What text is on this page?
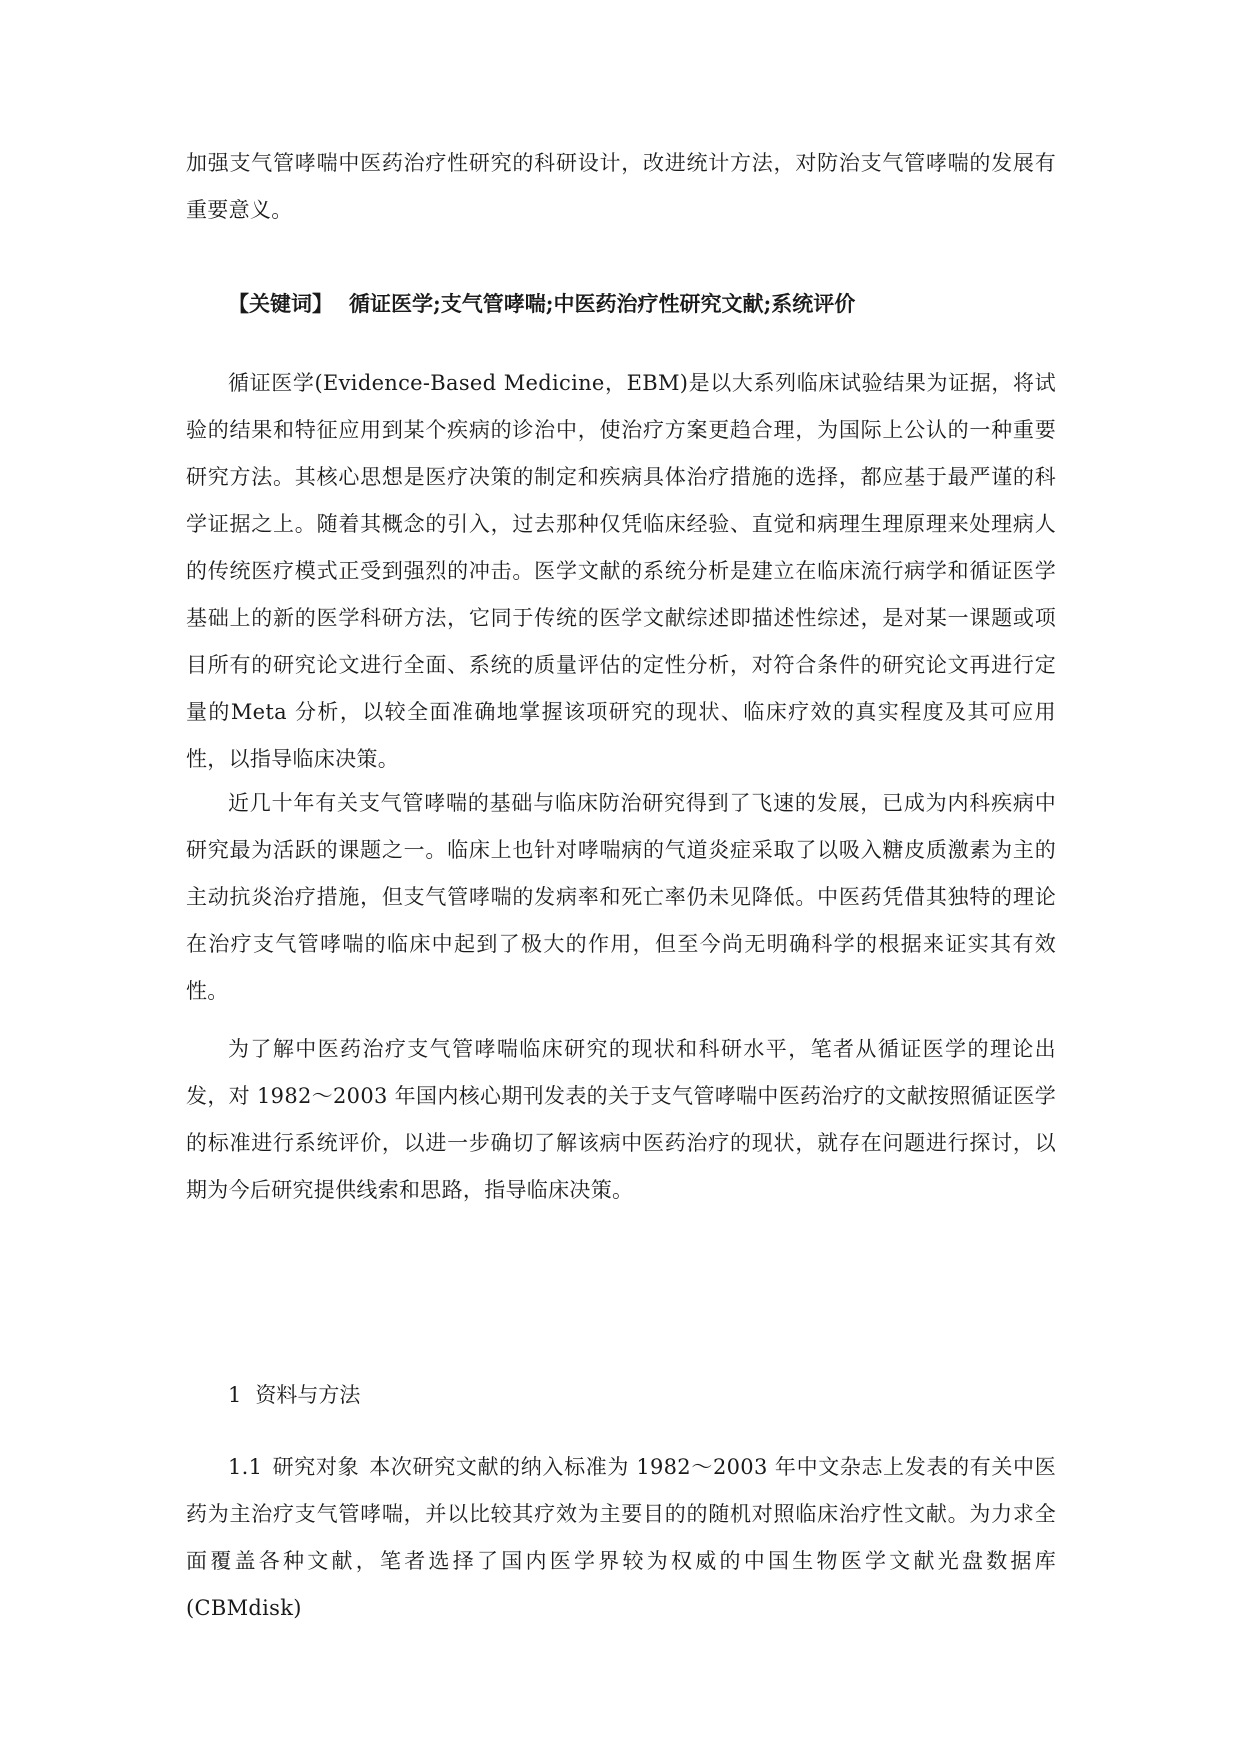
加强支气管哮喘中医药治疗性研究的科研设计，改进统计方法，对防治支气管哮喘的发展有重要意义。

【关键词】 循证医学;支气管哮喘;中医药治疗性研究文献;系统评价

循证医学(Evidence-Based Medicine，EBM)是以大系列临床试验结果为证据，将试验的结果和特征应用到某个疾病的诊治中，使治疗方案更趋合理，为国际上公认的一种重要研究方法。其核心思想是医疗决策的制定和疾病具体治疗措施的选择，都应基于最严谨的科学证据之上。随着其概念的引入，过去那种仅凭临床经验、直觉和病理生理原理来处理病人的传统医疗模式正受到强烈的冲击。医学文献的系统分析是建立在临床流行病学和循证医学基础上的新的医学科研方法，它同于传统的医学文献综述即描述性综述，是对某一课题或项目所有的研究论文进行全面、系统的质量评估的定性分析，对符合条件的研究论文再进行定量的Meta 分析，以较全面准确地掌握该项研究的现状、临床疗效的真实程度及其可应用性，以指导临床决策。

近几十年有关支气管哮喘的基础与临床防治研究得到了飞速的发展，已成为内科疾病中研究最为活跃的课题之一。临床上也针对哮喘病的气道炎症采取了以吸入糖皮质激素为主的主动抗炎治疗措施，但支气管哮喘的发病率和死亡率仍未见降低。中医药凭借其独特的理论在治疗支气管哮喘的临床中起到了极大的作用，但至今尚无明确科学的根据来证实其有效性。

为了解中医药治疗支气管哮喘临床研究的现状和科研水平，笔者从循证医学的理论出发，对 1982～2003 年国内核心期刊发表的关于支气管哮喘中医药治疗的文献按照循证医学的标准进行系统评价，以进一步确切了解该病中医药治疗的现状，就存在问题进行探讨，以期为今后研究提供线索和思路，指导临床决策。

1 资料与方法

1.1 研究对象 本次研究文献的纳入标准为 1982～2003 年中文杂志上发表的有关中医药为主治疗支气管哮喘，并以比较其疗效为主要目的的随机对照临床治疗性文献。为力求全面覆盖各种文献，笔者选择了国内医学界较为权威的中国生物医学文献光盘数据库(CBMdisk)
